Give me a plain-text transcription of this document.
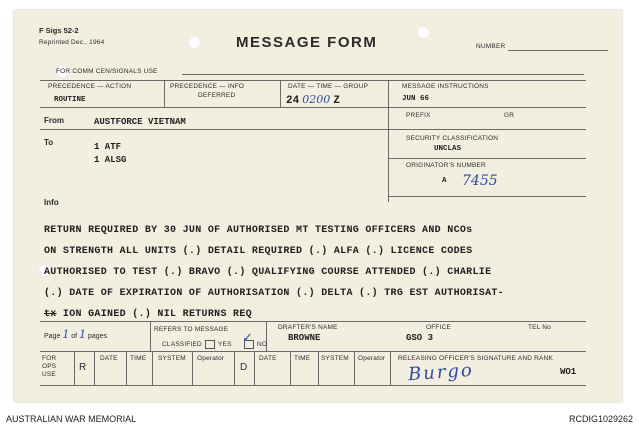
F Sigs 52-2
Reprinted Dec., 1964	MESSAGE FORM	NUMBER
FOR COMM CEN/SIGNALS USE
PRECEDENCE — ACTION
ROUTINE
PRECEDENCE — INFO
DEFERRED
DATE — TIME — GROUP
24 0200 Z
MESSAGE INSTRUCTIONS
JUN 66
From	AUSTFORCE VIETNAM
PREFIX	GR
To	1 ATF
1 ALSG
SECURITY CLASSIFICATION
UNCLAS
ORIGINATOR'S NUMBER
A 7455
Info
RETURN REQUIRED BY 30 JUN OF AUTHORISED MT TESTING OFFICERS AND NCOs
ON STRENGTH ALL UNITS (.) DETAIL REQUIRED (.) ALFA (.) LICENCE CODES
AUTHORISED TO TEST (.) BRAVO (.) QUALIFYING COURSE ATTENDED (.) CHARLIE
(.) DATE OF EXPIRATION OF AUTHORISATION (.) DELTA (.) TRG EST AUTHORISAT-
tx ION GAINED (.) NIL RETURNS REQ
Page 1 of 1 pages
REFERS TO MESSAGE
CLASSIFIED YES ✓ NO
DRAFTER'S NAME
BROWNE
OFFICE
GSO 3
TEL No
FOR OPS USE
R
DATE TIME SYSTEM Operator
D
DATE	TIME SYSTEM Operator RELEASING OFFICER'S SIGNATURE AND RANK
WO1
Burgo
AUSTRALIAN WAR MEMORIAL	RCDIG1029262
